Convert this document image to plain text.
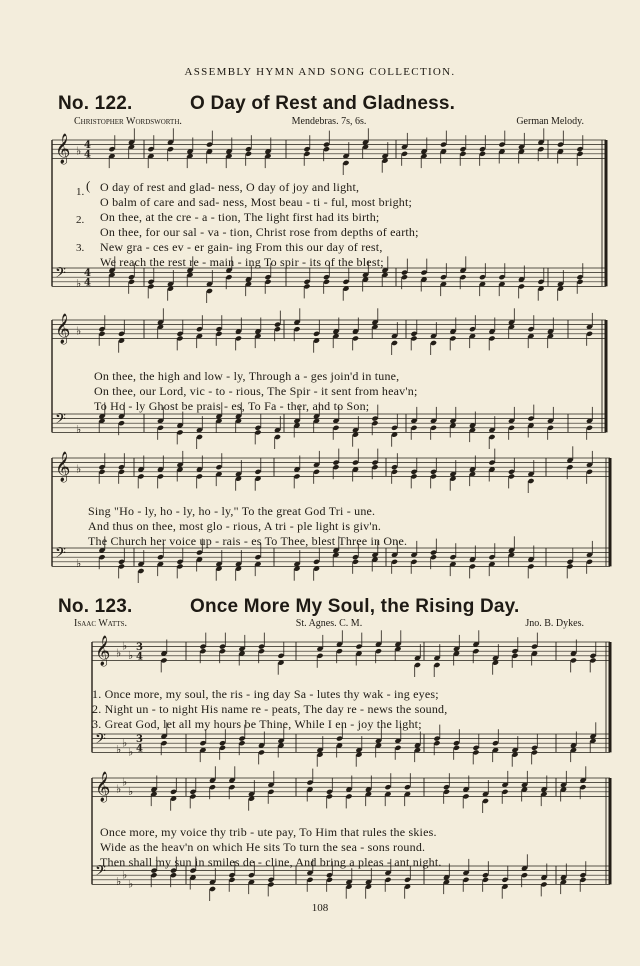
ASSEMBLY HYMN AND SONG COLLECTION.
No. 122.	O Day of Rest and Gladness.
Christopher Wordsworth.	Mendebras. 7s, 6s.	German Melody.
No. 123.	Once More My Soul, the Rising Day.
Isaac Watts.	St. Agnes. C. M.	Jno. B. Dykes.
𝄞 ♭ 4
4
𝄢 ♭
4
4
𝄞 ♭
𝄢 ♭
𝄞 ♭
𝄢 ♭
𝄞 ♭
♭
♭
3
4
𝄢 ♭
♭
♭
3
4
𝄞 ♭
♭
♭
𝄢 ♭
♭
♭
(
1. O day of rest and glad- ness, O day of joy and light,
O balm of care and sad- ness, Most beau - ti - ful, most bright;
2. On thee, at the cre - a - tion, The light first had its birth;
On thee, for our sal - va - tion, Christ rose from depths of earth;
3. New gra - ces ev - er gain- ing From this our day of rest,
We reach the rest re - main - ing To spir - its of the blest;
On thee, the high and low - ly, Through a - ges join'd in tune,
On thee, our Lord, vic - to - rious, The Spir - it sent from heav'n;
To Ho - ly Ghost be prais - es, To Fa - ther, and to Son;
Sing "Ho - ly, ho - ly, ho - ly," To the great God Tri - une.
And thus on thee, most glo - rious, A tri - ple light is giv'n.
The Church her voice up - rais - es To Thee, blest Three in One.
1. Once more, my soul, the ris - ing day Sa - lutes thy wak - ing eyes;
2. Night un - to night His name re - peats, The day re - news the sound,
3. Great God, let all my hours be Thine, While I en - joy the light;
Once more, my voice thy trib - ute pay, To Him that rules the skies.
Wide as the heav'n on which He sits To turn the sea - sons round.
Then shall my sun in smiles de - cline, And bring a pleas - ant night.
108
